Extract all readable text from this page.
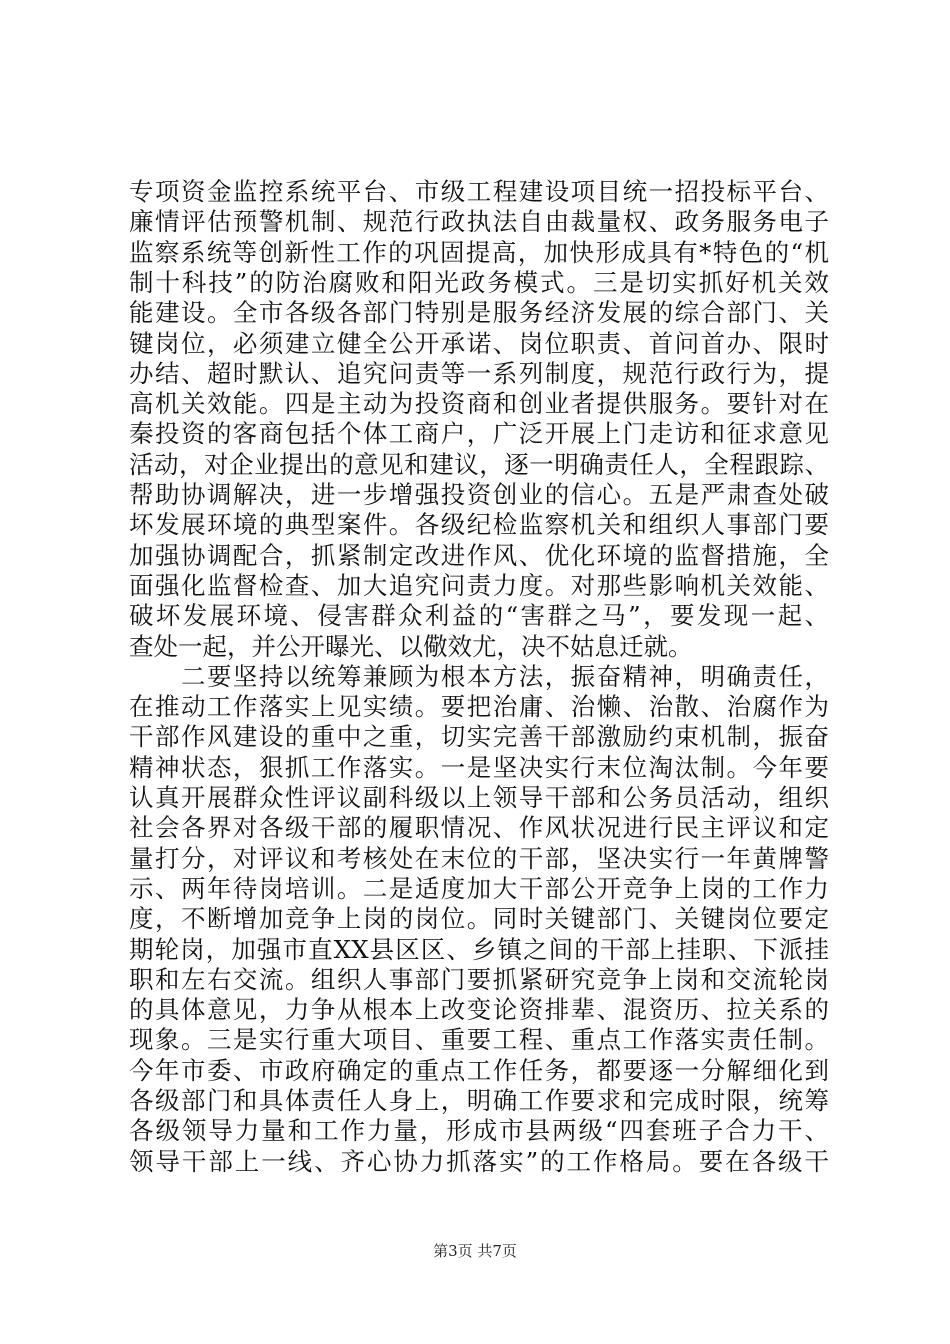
专项资金监控系统平台、市级工程建设项目统一招投标平台、
廉情评估预警机制、规范行政执法自由裁量权、政务服务电子
监察系统等创新性工作的巩固提高，加快形成具有*特色的“机
制十科技”的防治腐败和阳光政务模式。三是切实抓好机关效
能建设。全市各级各部门特别是服务经济发展的综合部门、关
键岗位，必须建立健全公开承诺、岗位职责、首问首办、限时
办结、超时默认、追究问责等一系列制度，规范行政行为，提
高机关效能。四是主动为投资商和创业者提供服务。要针对在
秦投资的客商包括个体工商户，广泛开展上门走访和征求意见
活动，对企业提出的意见和建议，逐一明确责任人，全程跟踪、
帮助协调解决，进一步增强投资创业的信心。五是严肃查处破
坏发展环境的典型案件。各级纪检监察机关和组织人事部门要
加强协调配合，抓紧制定改进作风、优化环境的监督措施，全
面强化监督检查、加大追究问责力度。对那些影响机关效能、
破坏发展环境、侵害群众利益的“害群之马”，要发现一起、
查处一起，并公开曝光、以儆效尤，决不姑息迁就。
　　二要坚持以统筹兼顾为根本方法，振奋精神，明确责任，
在推动工作落实上见实绩。要把治庸、治懒、治散、治腐作为
干部作风建设的重中之重，切实完善干部激励约束机制，振奋
精神状态，狠抓工作落实。一是坚决实行末位淘汰制。今年要
认真开展群众性评议副科级以上领导干部和公务员活动，组织
社会各界对各级干部的履职情况、作风状况进行民主评议和定
量打分，对评议和考核处在末位的干部，坚决实行一年黄牌警
示、两年待岗培训。二是适度加大干部公开竞争上岗的工作力
度，不断增加竞争上岗的岗位。同时关键部门、关键岗位要定
期轮岗，加强市直XX县区区、乡镇之间的干部上挂职、下派挂
职和左右交流。组织人事部门要抓紧研究竞争上岗和交流轮岗
的具体意见，力争从根本上改变论资排辈、混资历、拉关系的
现象。三是实行重大项目、重要工程、重点工作落实责任制。
今年市委、市政府确定的重点工作任务，都要逐一分解细化到
各级部门和具体责任人身上，明确工作要求和完成时限，统筹
各级领导力量和工作力量，形成市县两级“四套班子合力干、
领导干部上一线、齐心协力抓落实”的工作格局。要在各级干
第3页 共7页
